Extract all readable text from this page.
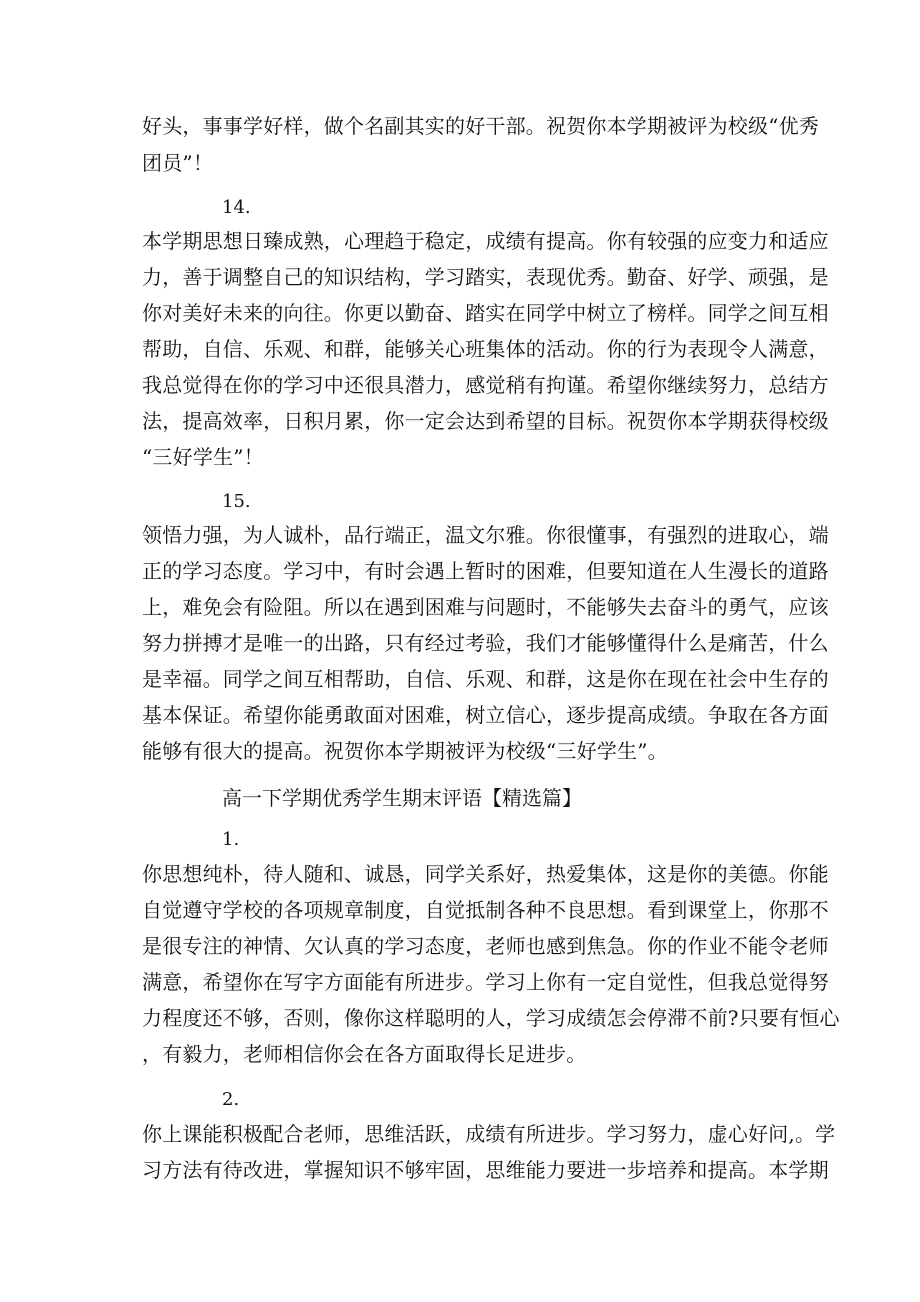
好头，事事学好样，做个名副其实的好干部。祝贺你本学期被评为校级“优秀
团员”！
14.
本学期思想日臻成熟，心理趋于稳定，成绩有提高。你有较强的应变力和适应
力，善于调整自己的知识结构，学习踏实，表现优秀。勤奋、好学、顽强，是
你对美好未来的向往。你更以勤奋、踏实在同学中树立了榜样。同学之间互相
帮助，自信、乐观、和群，能够关心班集体的活动。你的行为表现令人满意，
我总觉得在你的学习中还很具潜力，感觉稍有拘谨。希望你继续努力，总结方
法，提高效率，日积月累，你一定会达到希望的目标。祝贺你本学期获得校级
“三好学生”！
15.
领悟力强，为人诚朴，品行端正，温文尔雅。你很懂事，有强烈的进取心，端
正的学习态度。学习中，有时会遇上暂时的困难，但要知道在人生漫长的道路
上，难免会有险阻。所以在遇到困难与问题时，不能够失去奋斗的勇气，应该
努力拼搏才是唯一的出路，只有经过考验，我们才能够懂得什么是痛苦，什么
是幸福。同学之间互相帮助，自信、乐观、和群，这是你在现在社会中生存的
基本保证。希望你能勇敢面对困难，树立信心，逐步提高成绩。争取在各方面
能够有很大的提高。祝贺你本学期被评为校级“三好学生”。
高一下学期优秀学生期末评语【精选篇】
1.
你思想纯朴，待人随和、诚恳，同学关系好，热爱集体，这是你的美德。你能
自觉遵守学校的各项规章制度，自觉抵制各种不良思想。看到课堂上，你那不
是很专注的神情、欠认真的学习态度，老师也感到焦急。你的作业不能令老师
满意，希望你在写字方面能有所进步。学习上你有一定自觉性，但我总觉得努
力程度还不够，否则，像你这样聪明的人，学习成绩怎会停滞不前?只要有恒心
，有毅力，老师相信你会在各方面取得长足进步。
2.
你上课能积极配合老师，思维活跃，成绩有所进步。学习努力，虚心好问,。学
习方法有待改进，掌握知识不够牢固，思维能力要进一步培养和提高。本学期
